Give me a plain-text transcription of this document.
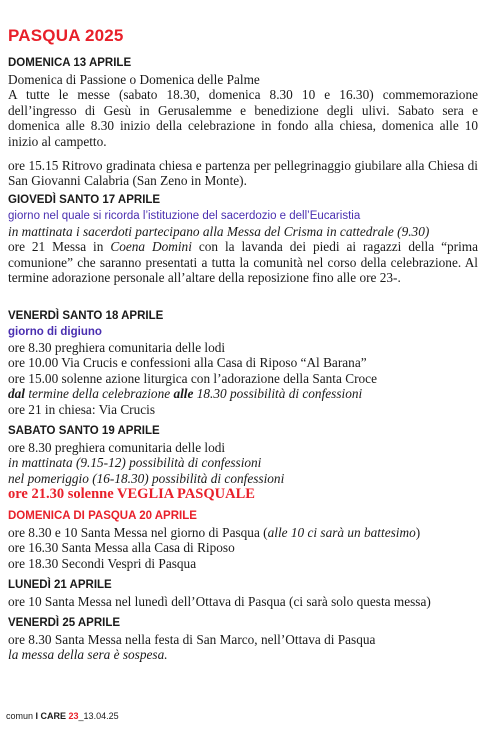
PASQUA 2025
DOMENICA 13 APRILE
Domenica di Passione o Domenica delle Palme
A tutte le messe (sabato 18.30, domenica 8.30 10 e 16.30) commemorazione dell’ingresso di Gesù in Gerusalemme e benedizione degli ulivi. Sabato sera e domenica alle 8.30 inizio della celebrazione in fondo alla chiesa, domenica alle 10 inizio al campetto.
ore 15.15 Ritrovo gradinata chiesa e partenza per pellegrinaggio giubilare alla Chiesa di San Giovanni Calabria (San Zeno in Monte).
GIOVEDÌ SANTO 17 APRILE
giorno nel quale si ricorda l’istituzione del sacerdozio e dell’Eucaristia
in mattinata i sacerdoti partecipano alla Messa del Crisma in cattedrale (9.30)
ore 21 Messa in Coena Domini con la lavanda dei piedi ai ragazzi della “prima comunione” che saranno presentati a tutta la comunità nel corso della celebrazione. Al termine adorazione personale all’altare della reposizione fino alle ore 23-.
VENERDÌ SANTO 18 APRILE
giorno di digiuno
ore 8.30 preghiera comunitaria delle lodi
ore 10.00 Via Crucis e confessioni alla Casa di Riposo “Al Barana”
ore 15.00 solenne azione liturgica con l’adorazione della Santa Croce
dal termine della celebrazione alle 18.30 possibilità di confessioni
ore 21 in chiesa: Via Crucis
SABATO SANTO 19 APRILE
ore 8.30 preghiera comunitaria delle lodi
in mattinata (9.15-12) possibilità di confessioni
nel pomeriggio (16-18.30) possibilità di confessioni
ore 21.30 solenne VEGLIA PASQUALE
DOMENICA DI PASQUA 20 APRILE
ore 8.30 e 10 Santa Messa nel giorno di Pasqua (alle 10 ci sarà un battesimo)
ore 16.30 Santa Messa alla Casa di Riposo
ore 18.30 Secondi Vespri di Pasqua
LUNEDÌ 21 APRILE
ore 10 Santa Messa nel lunedì dell’Ottava di Pasqua (ci sarà solo questa messa)
VENERDÌ 25 APRILE
ore 8.30 Santa Messa nella festa di San Marco, nell’Ottava di Pasqua
la messa della sera è sospesa.
comun I CARE 23_13.04.25
